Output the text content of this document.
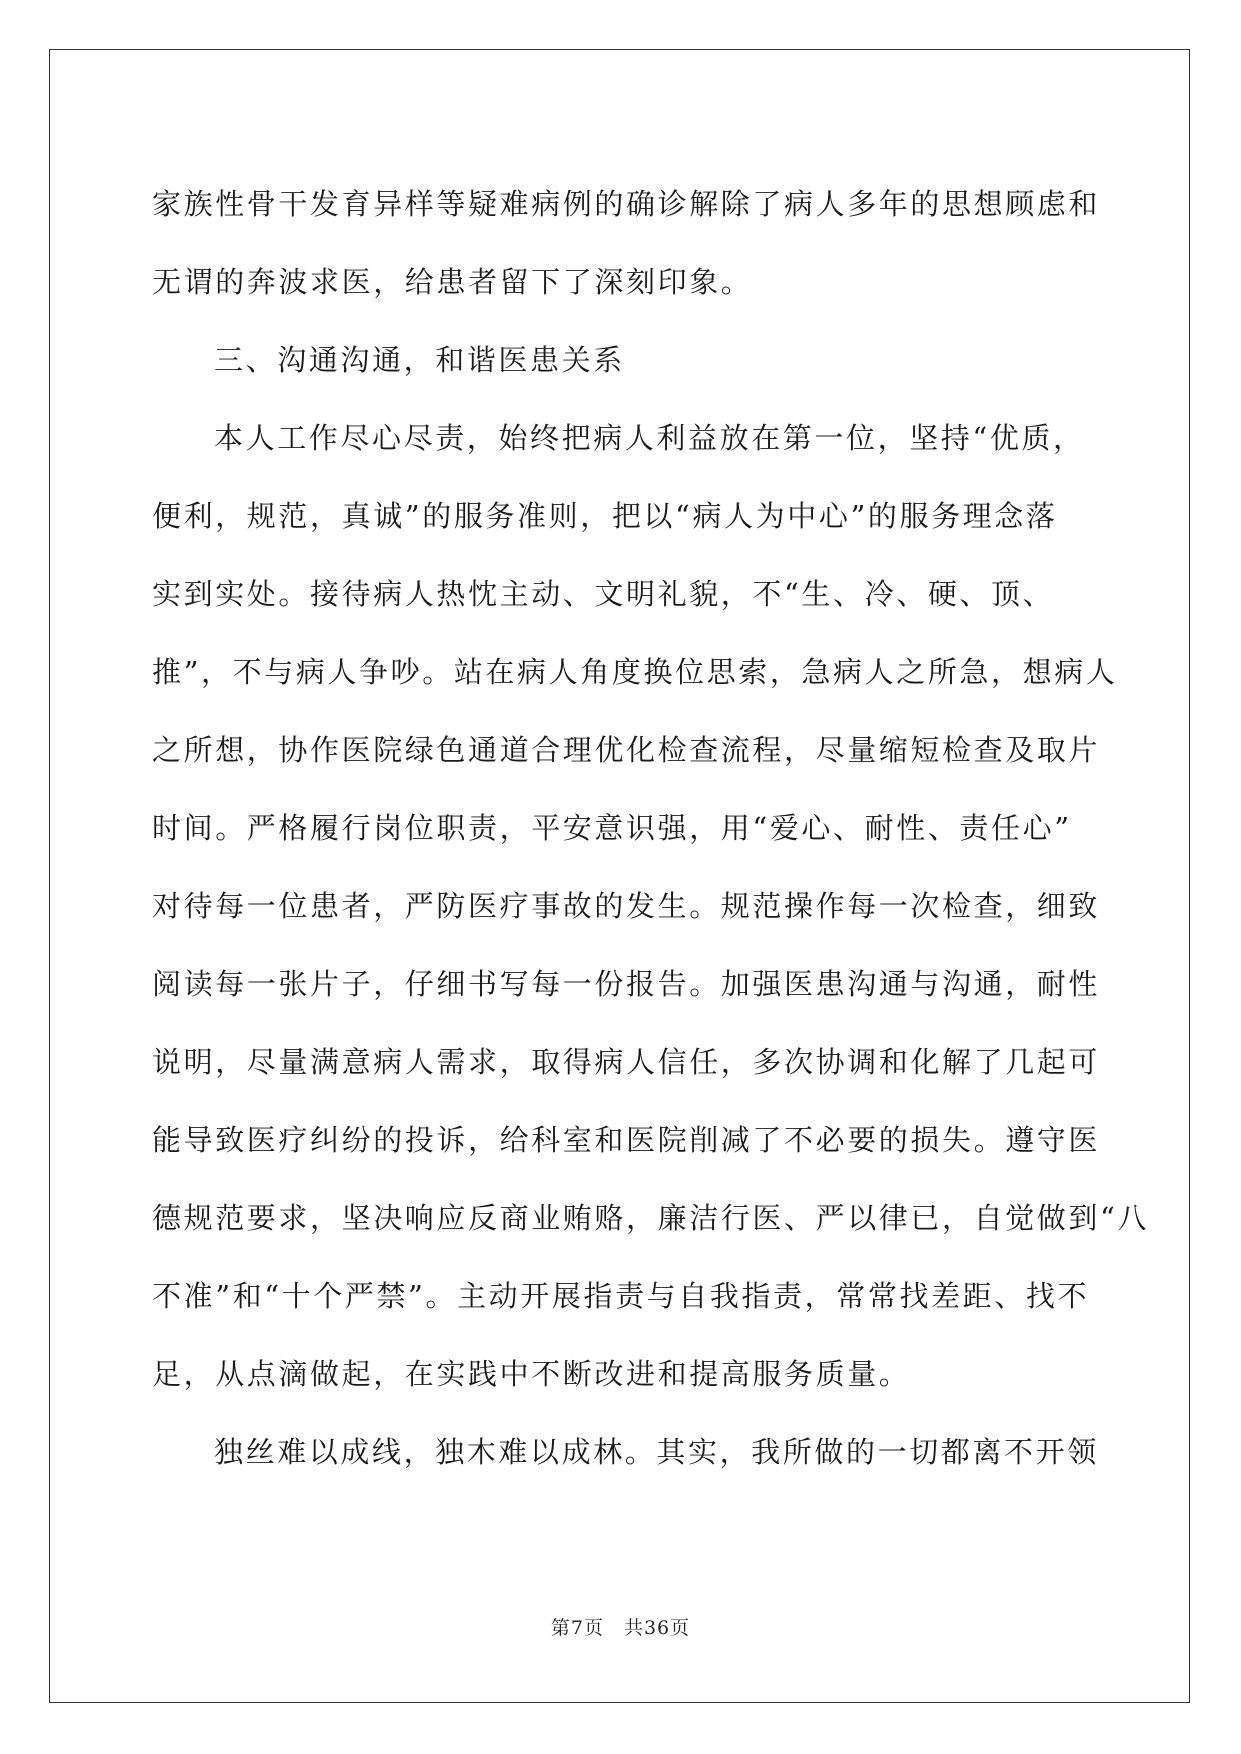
家族性骨干发育异样等疑难病例的确诊解除了病人多年的思想顾虑和
无谓的奔波求医，给患者留下了深刻印象。
三、沟通沟通，和谐医患关系
本人工作尽心尽责，始终把病人利益放在第一位，坚持“优质，
便利，规范，真诚”的服务准则，把以“病人为中心”的服务理念落
实到实处。接待病人热忱主动、文明礼貌，不“生、冷、硬、顶、
推”，不与病人争吵。站在病人角度换位思索，急病人之所急，想病人
之所想，协作医院绿色通道合理优化检查流程，尽量缩短检查及取片
时间。严格履行岗位职责，平安意识强，用“爱心、耐性、责任心”
对待每一位患者，严防医疗事故的发生。规范操作每一次检查，细致
阅读每一张片子，仔细书写每一份报告。加强医患沟通与沟通，耐性
说明，尽量满意病人需求，取得病人信任，多次协调和化解了几起可
能导致医疗纠纷的投诉，给科室和医院削减了不必要的损失。遵守医
德规范要求，坚决响应反商业贿赂，廉洁行医、严以律已，自觉做到“八
不准”和“十个严禁”。主动开展指责与自我指责，常常找差距、找不
足，从点滴做起，在实践中不断改进和提高服务质量。
独丝难以成线，独木难以成林。其实，我所做的一切都离不开领
第7页 共36页
